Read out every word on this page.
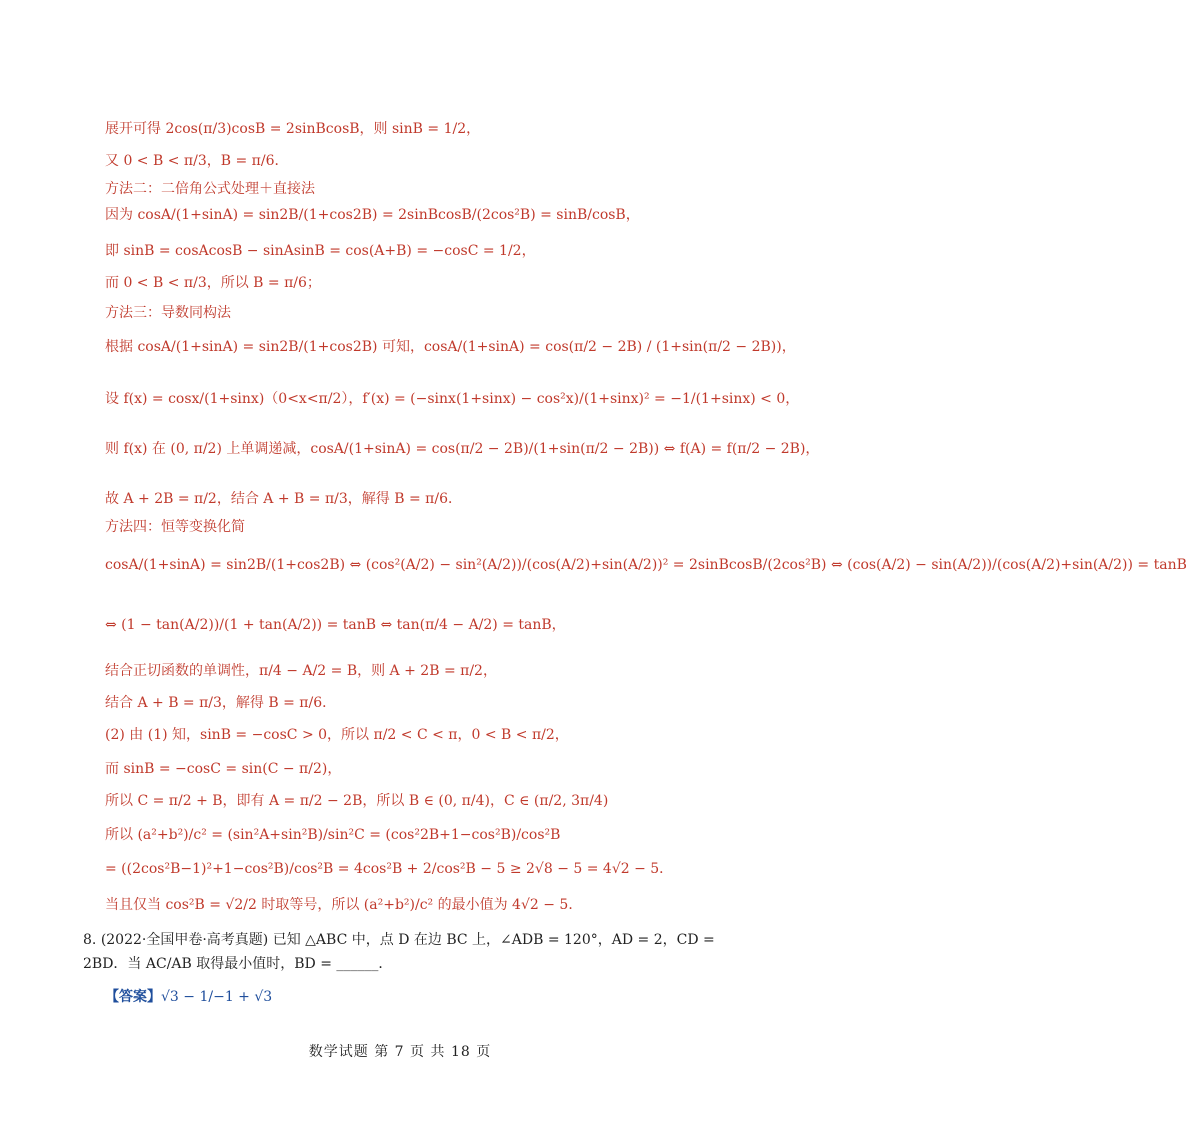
展开可得 2cos(π/3)cosB = 2sinBcosB，则 sinB = 1/2，
又 0 < B < π/3，B = π/6．
方法二：二倍角公式处理＋直接法
因为 cosA/(1+sinA) = sin2B/(1+cos2B) = 2sinBcosB/(2cos²B) = sinB/cosB，
即 sinB = cosAcosB − sinAsinB = cos(A+B) = −cosC = 1/2，
而 0 < B < π/3，所以 B = π/6；
方法三：导数同构法
根据 cosA/(1+sinA) = sin2B/(1+cos2B) 可知，cosA/(1+sinA) = cos(π/2 − 2B) / (1+sin(π/2 − 2B))，
设 f(x) = cosx/(1+sinx)（0<x<π/2），f′(x) = (−sinx(1+sinx) − cos²x)/(1+sinx)² = −1/(1+sinx) < 0，
则 f(x) 在 (0, π/2) 上单调递减，cosA/(1+sinA) = cos(π/2 − 2B)/(1+sin(π/2 − 2B)) ⇔ f(A) = f(π/2 − 2B)，
故 A + 2B = π/2，结合 A + B = π/3，解得 B = π/6．
方法四：恒等变换化简
cosA/(1+sinA) = sin2B/(1+cos2B) ⇔ (cos²(A/2) − sin²(A/2))/(cos(A/2)+sin(A/2))² = 2sinBcosB/(2cos²B) ⇔ (cos(A/2) − sin(A/2))/(cos(A/2)+sin(A/2)) = tanB
⇔ (1 − tan(A/2))/(1 + tan(A/2)) = tanB ⇔ tan(π/4 − A/2) = tanB，
结合正切函数的单调性，π/4 − A/2 = B，则 A + 2B = π/2，
结合 A + B = π/3，解得 B = π/6．
(2) 由 (1) 知，sinB = −cosC > 0，所以 π/2 < C < π，0 < B < π/2，
而 sinB = −cosC = sin(C − π/2)，
所以 C = π/2 + B，即有 A = π/2 − 2B，所以 B ∈ (0, π/4)，C ∈ (π/2, 3π/4)
所以 (a²+b²)/c² = (sin²A+sin²B)/sin²C = (cos²2B+1−cos²B)/cos²B
= ((2cos²B−1)²+1−cos²B)/cos²B = 4cos²B + 2/cos²B − 5 ≥ 2√8 − 5 = 4√2 − 5．
当且仅当 cos²B = √2/2 时取等号，所以 (a²+b²)/c² 的最小值为 4√2 − 5．
8. (2022·全国甲卷·高考真题) 已知 △ABC 中，点 D 在边 BC 上，∠ADB = 120°，AD = 2，CD = 2BD．当 AC/AB 取得最小值时，BD = ______．
【答案】√3 − 1/−1 + √3
数学试题 第 7 页 共 18 页
